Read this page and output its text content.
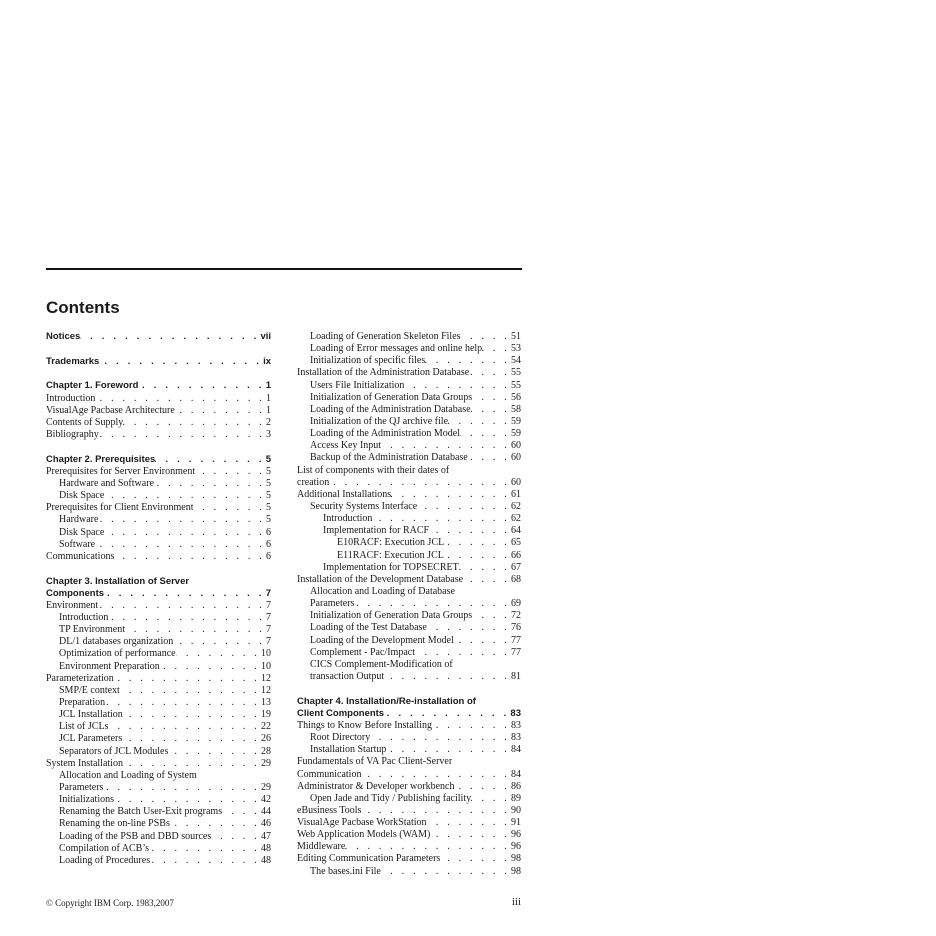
Contents
Notices . . .	vii
Trademarks . . .	ix
Chapter 1. Foreword . . .	1
Introduction . . .	1
VisualAge Pacbase Architecture . . .	1
Contents of Supply . . .	2
Bibliography . . .	3
Chapter 2. Prerequisites . . .	5
Prerequisites for Server Environment . . .	5
Hardware and Software . . .	5
Disk Space . . .	5
Prerequisites for Client Environment . . .	5
Hardware . . .	5
Disk Space . . .	6
Software . . .	6
Communications . . .	6
Chapter 3. Installation of Server
Components . . .	7
Environment . . .	7
Introduction . . .	7
TP Environment . . .	7
DL/1 databases organization . . .	7
Optimization of performance . . .	10
Environment Preparation . . .	10
Parameterization . . .	12
SMP/E context . . .	12
Preparation . . .	13
JCL Installation . . .	19
List of JCLs . . .	22
JCL Parameters . . .	26
Separators of JCL Modules . . .	28
System Installation . . .	29
Allocation and Loading of System
Parameters . . .	29
Initializations . . .	42
Renaming the Batch User-Exit programs . . .	44
Renaming the on-line PSBs . . .	46
Loading of the PSB and DBD sources . . .	47
Compilation of ACB’s . . .	48
Loading of Procedures . . .	48
Loading of Generation Skeleton Files . . .	51
Loading of Error messages and online help . . .	53
Initialization of specific files . . .	54
Installation of the Administration Database . . .	55
Users File Initialization . . .	55
Initialization of Generation Data Groups . . .	56
Loading of the Administration Database . . .	58
Initialization of the QJ archive file . . .	59
Loading of the Administration Model . . .	59
Access Key Input . . .	60
Backup of the Administration Database . . .	60
List of components with their dates of
creation . . .	60
Additional Installations . . .	61
Security Systems Interface . . .	62
Introduction . . .	62
Implementation for RACF . . .	64
E10RACF: Execution JCL . . .	65
E11RACF: Execution JCL . . .	66
Implementation for TOPSECRET . . .	67
Installation of the Development Database . . .	68
Allocation and Loading of Database
Parameters . . .	69
Initialization of Generation Data Groups . . .	72
Loading of the Test Database . . .	76
Loading of the Development Model . . .	77
Complement - Pac/Impact . . .	77
CICS Complement-Modification of
transaction Output . . .	81
Chapter 4. Installation/Re-installation of
Client Components . . .	83
Things to Know Before Installing . . .	83
Root Directory . . .	83
Installation Startup . . .	84
Fundamentals of VA Pac Client-Server
Communication . . .	84
Administrator & Developer workbench . . .	86
Open Jade and Tidy / Publishing facility . . .	89
eBusiness Tools . . .	90
VisualAge Pacbase WorkStation . . .	91
Web Application Models (WAM) . . .	96
Middleware . . .	96
Editing Communication Parameters . . .	98
The bases.ini File . . .	98
© Copyright IBM Corp. 1983,2007	iii
